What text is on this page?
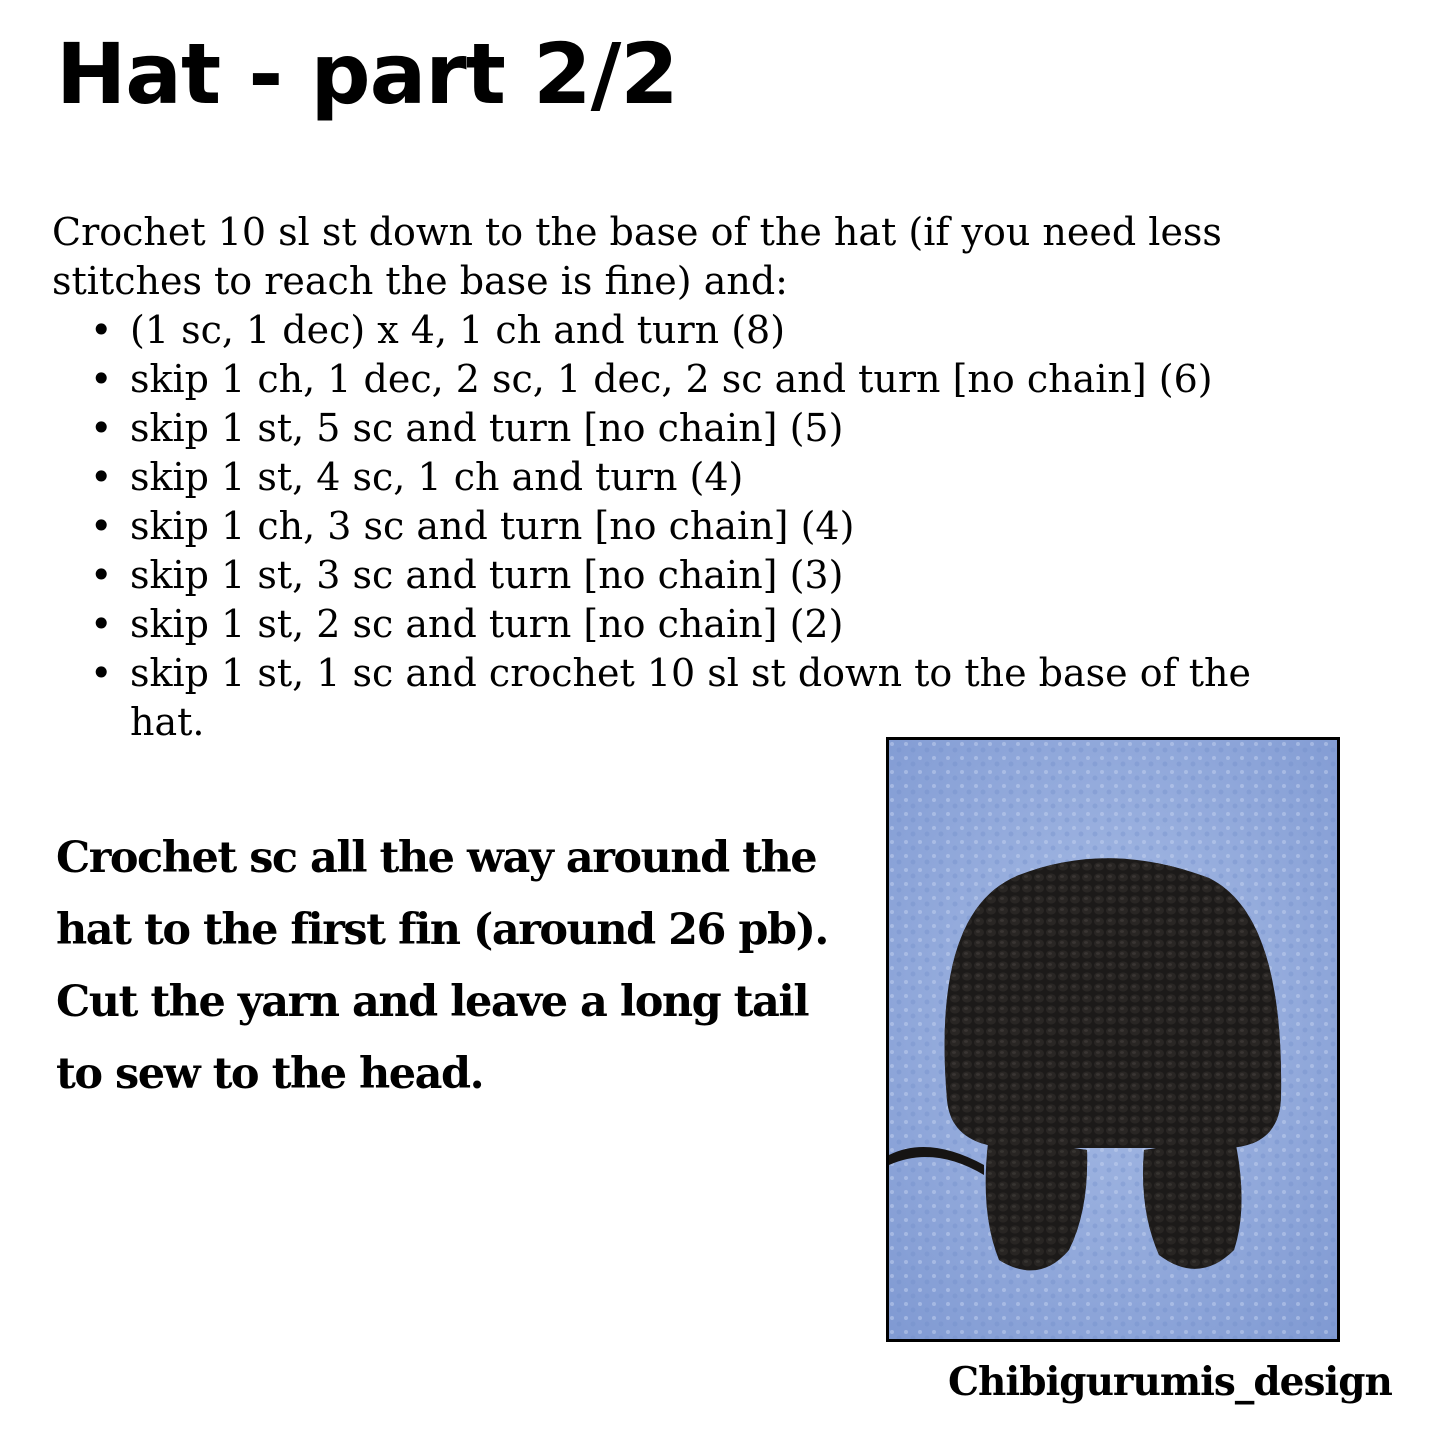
Hat - part 2/2

Crochet 10 sl st down to the base of the hat (if you need less stitches to reach the base is fine) and:

• (1 sc, 1 dec) x 4, 1 ch and turn (8)
• skip 1 ch, 1 dec, 2 sc, 1 dec, 2 sc and turn [no chain] (6)
• skip 1 st, 5 sc and turn [no chain] (5)
• skip 1 st, 4 sc, 1 ch and turn (4)
• skip 1 ch, 3 sc and turn [no chain] (4)
• skip 1 st, 3 sc and turn [no chain] (3)
• skip 1 st, 2 sc and turn [no chain] (2)
• skip 1 st, 1 sc and crochet 10 sl st down to the base of the hat.

Crochet sc all the way around the hat to the first fin (around 26 pb). Cut the yarn and leave a long tail to sew to the head.

Chibigurumis_design
